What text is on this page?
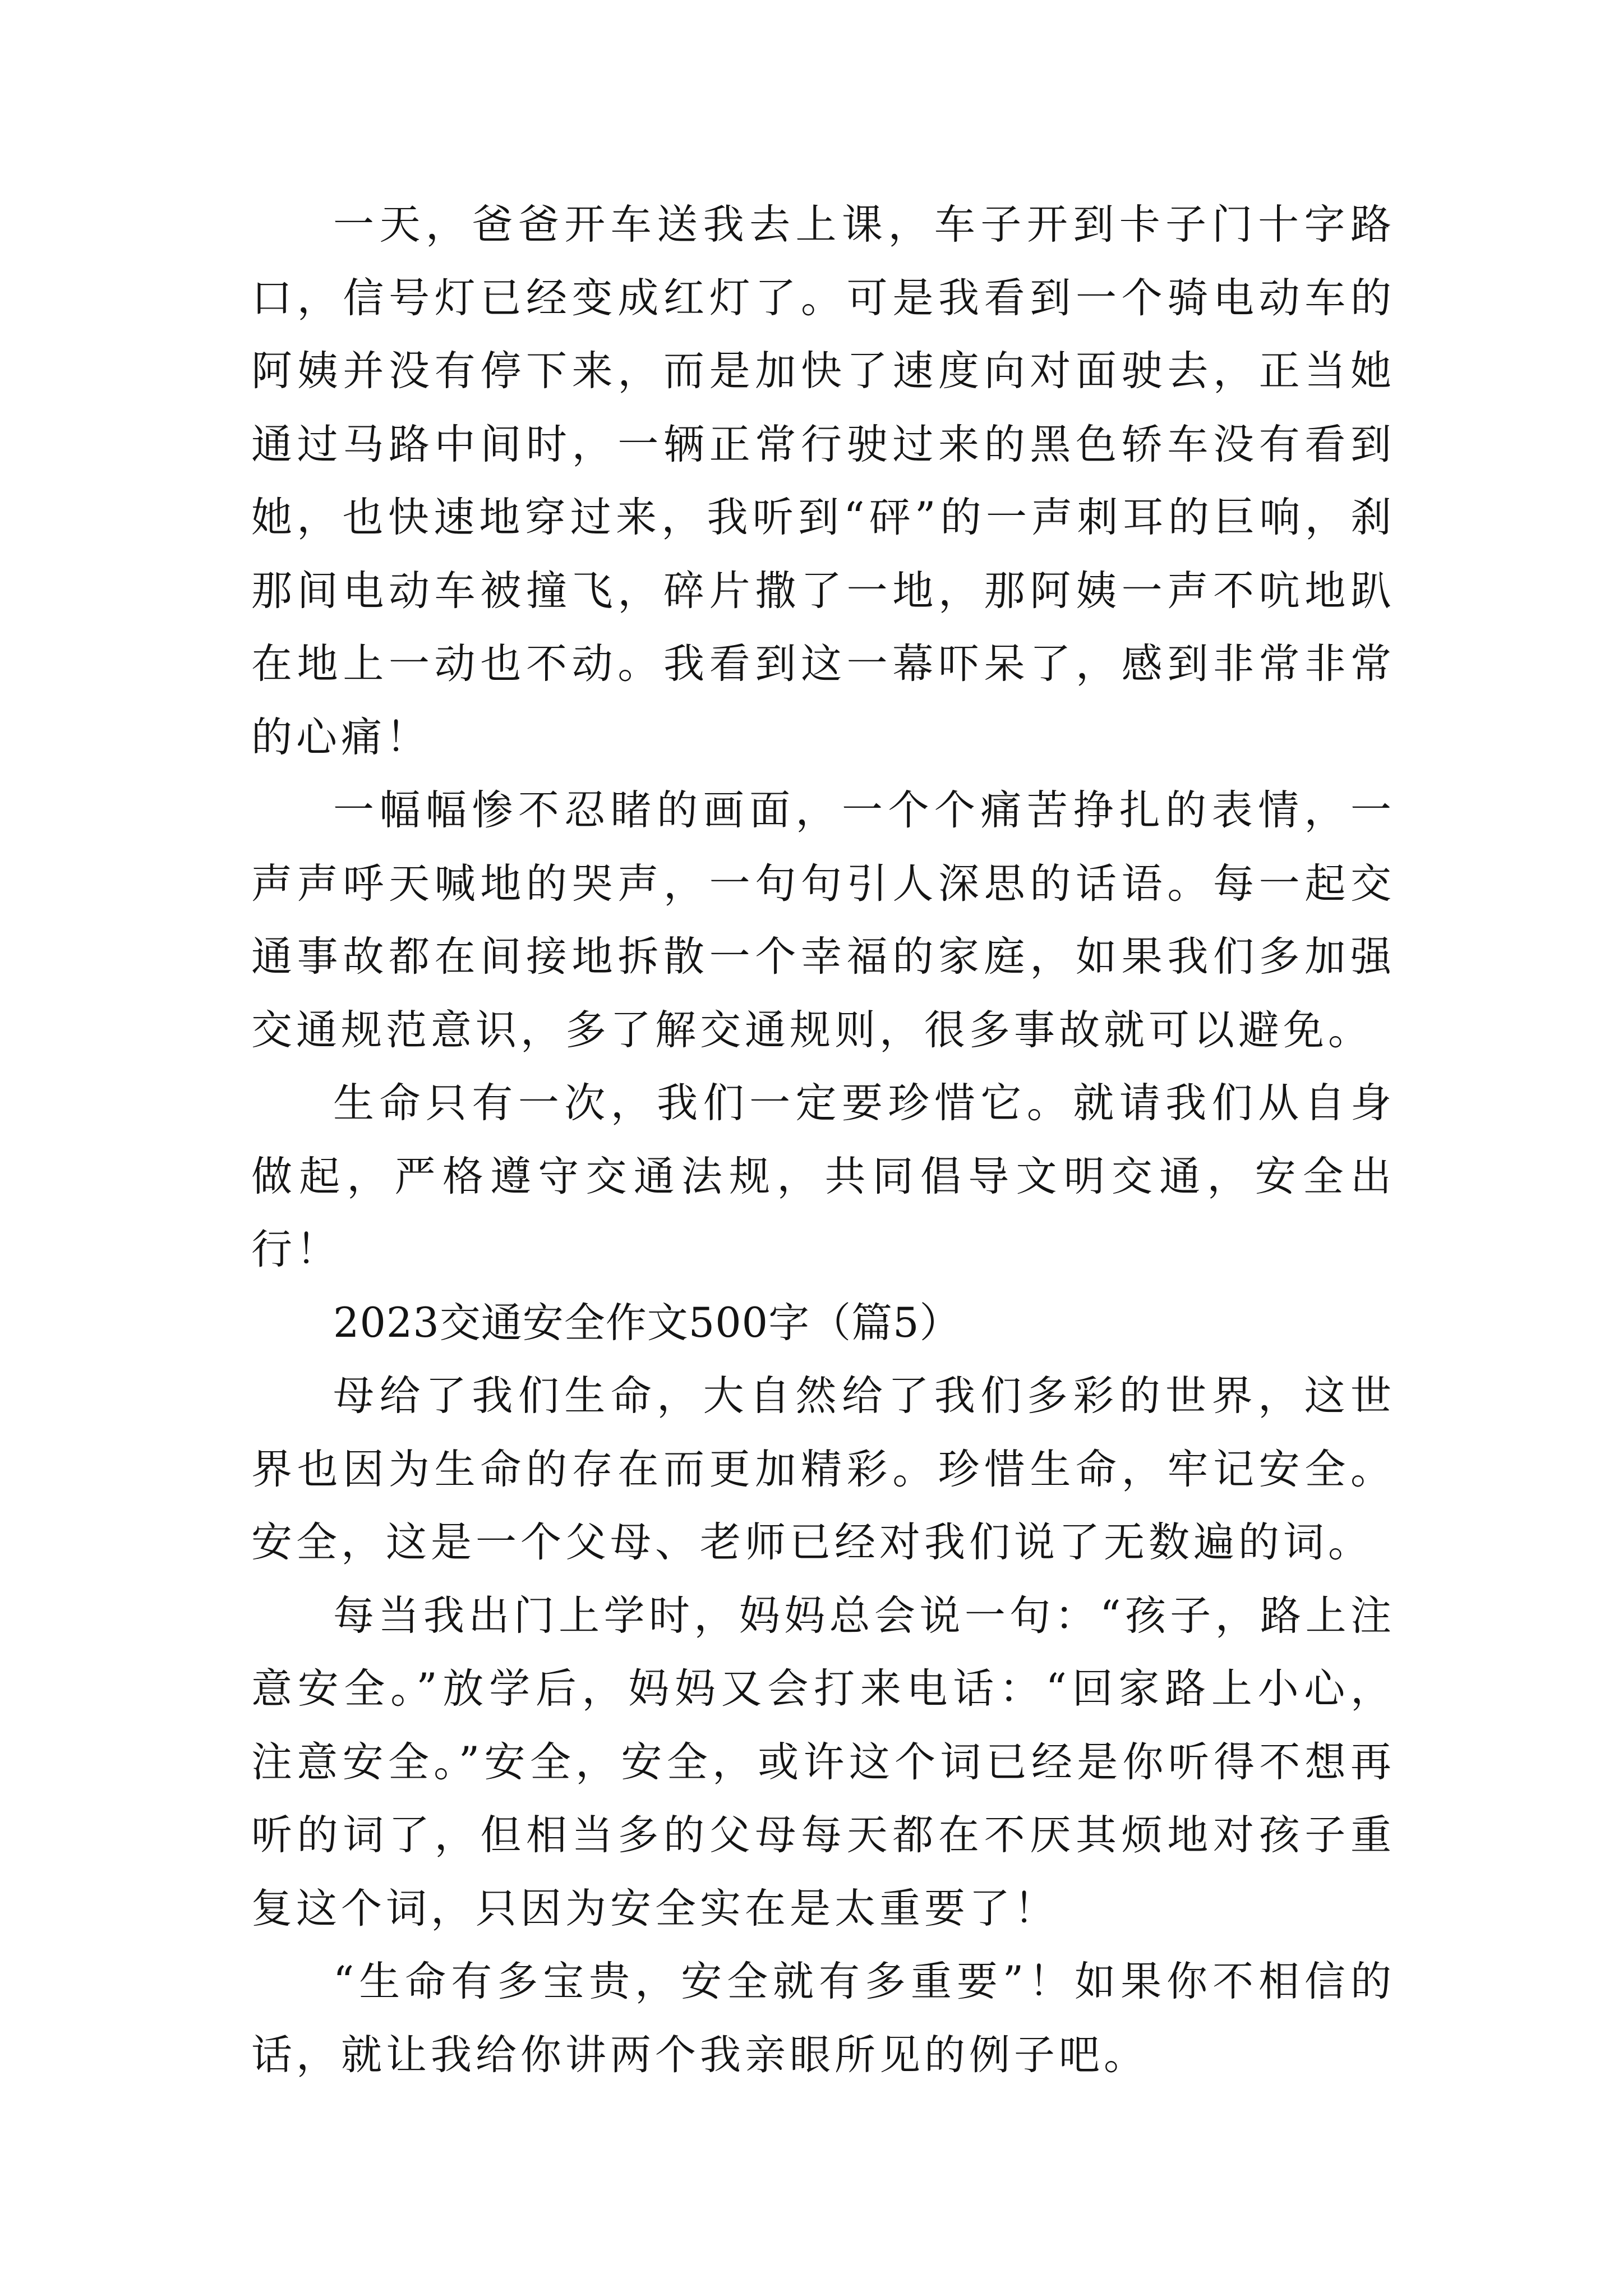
一天，爸爸开车送我去上课，车子开到卡子门十字路口，信号灯已经变成红灯了。可是我看到一个骑电动车的阿姨并没有停下来，而是加快了速度向对面驶去，正当她通过马路中间时，一辆正常行驶过来的黑色轿车没有看到她，也快速地穿过来，我听到“砰”的一声刺耳的巨响，刹那间电动车被撞飞，碎片撒了一地，那阿姨一声不吭地趴在地上一动也不动。我看到这一幕吓呆了，感到非常非常的心痛！

一幅幅惨不忍睹的画面，一个个痛苦挣扎的表情，一声声呼天喊地的哭声，一句句引人深思的话语。每一起交通事故都在间接地拆散一个幸福的家庭，如果我们多加强交通规范意识，多了解交通规则，很多事故就可以避免。

生命只有一次，我们一定要珍惜它。就请我们从自身做起，严格遵守交通法规，共同倡导文明交通，安全出行！

2023交通安全作文500字（篇5）

母给了我们生命，大自然给了我们多彩的世界，这世界也因为生命的存在而更加精彩。珍惜生命，牢记安全。安全，这是一个父母、老师已经对我们说了无数遍的词。

每当我出门上学时，妈妈总会说一句：“孩子，路上注意安全。”放学后，妈妈又会打来电话：“回家路上小心，注意安全。”安全，安全，或许这个词已经是你听得不想再听的词了，但相当多的父母每天都在不厌其烦地对孩子重复这个词，只因为安全实在是太重要了！

“生命有多宝贵，安全就有多重要”！如果你不相信的话，就让我给你讲两个我亲眼所见的例子吧。
